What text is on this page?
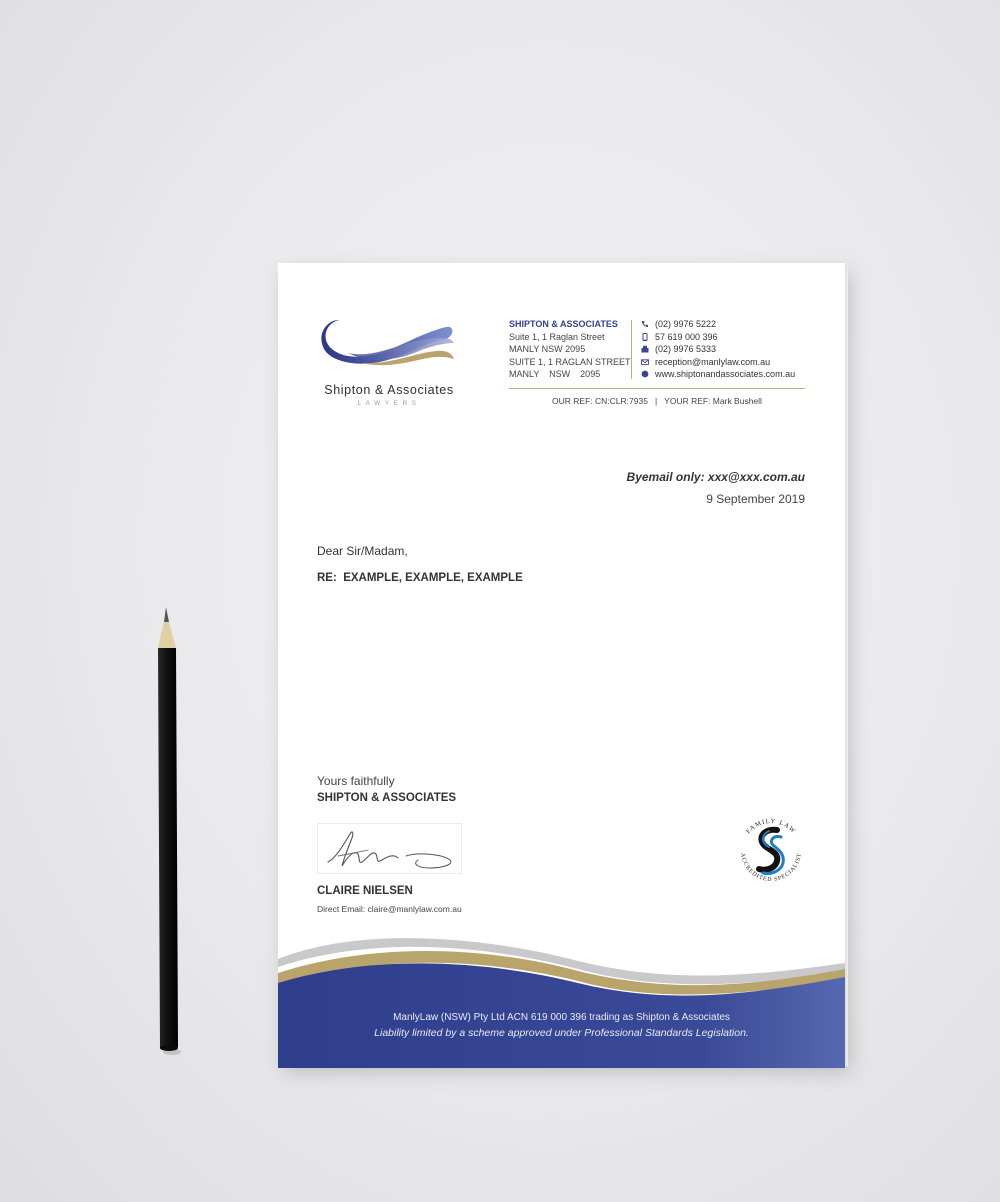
Shipton & Associates
LAWYERS
SHIPTON & ASSOCIATES
Suite 1, 1 Raglan Street
MANLY NSW 2095
SUITE 1, 1 RAGLAN STREET
MANLY    NSW    2095
(02) 9976 5222
57 619 000 396
(02) 9976 5333
reception@manlylaw.com.au
www.shiptonandassociates.com.au
OUR REF: CN:CLR:7935   |   YOUR REF: Mark Bushell
Byemail only: xxx@xxx.com.au
9 September 2019
Dear Sir/Madam,
RE:  EXAMPLE, EXAMPLE, EXAMPLE
Yours faithfully
SHIPTON & ASSOCIATES
CLAIRE NIELSEN
Direct Email: claire@manlylaw.com.au
FAMILY LAW
ACCREDITED SPECIALIST
ManlyLaw (NSW) Pty Ltd ACN 619 000 396 trading as Shipton & Associates
Liability limited by a scheme approved under Professional Standards Legislation.
